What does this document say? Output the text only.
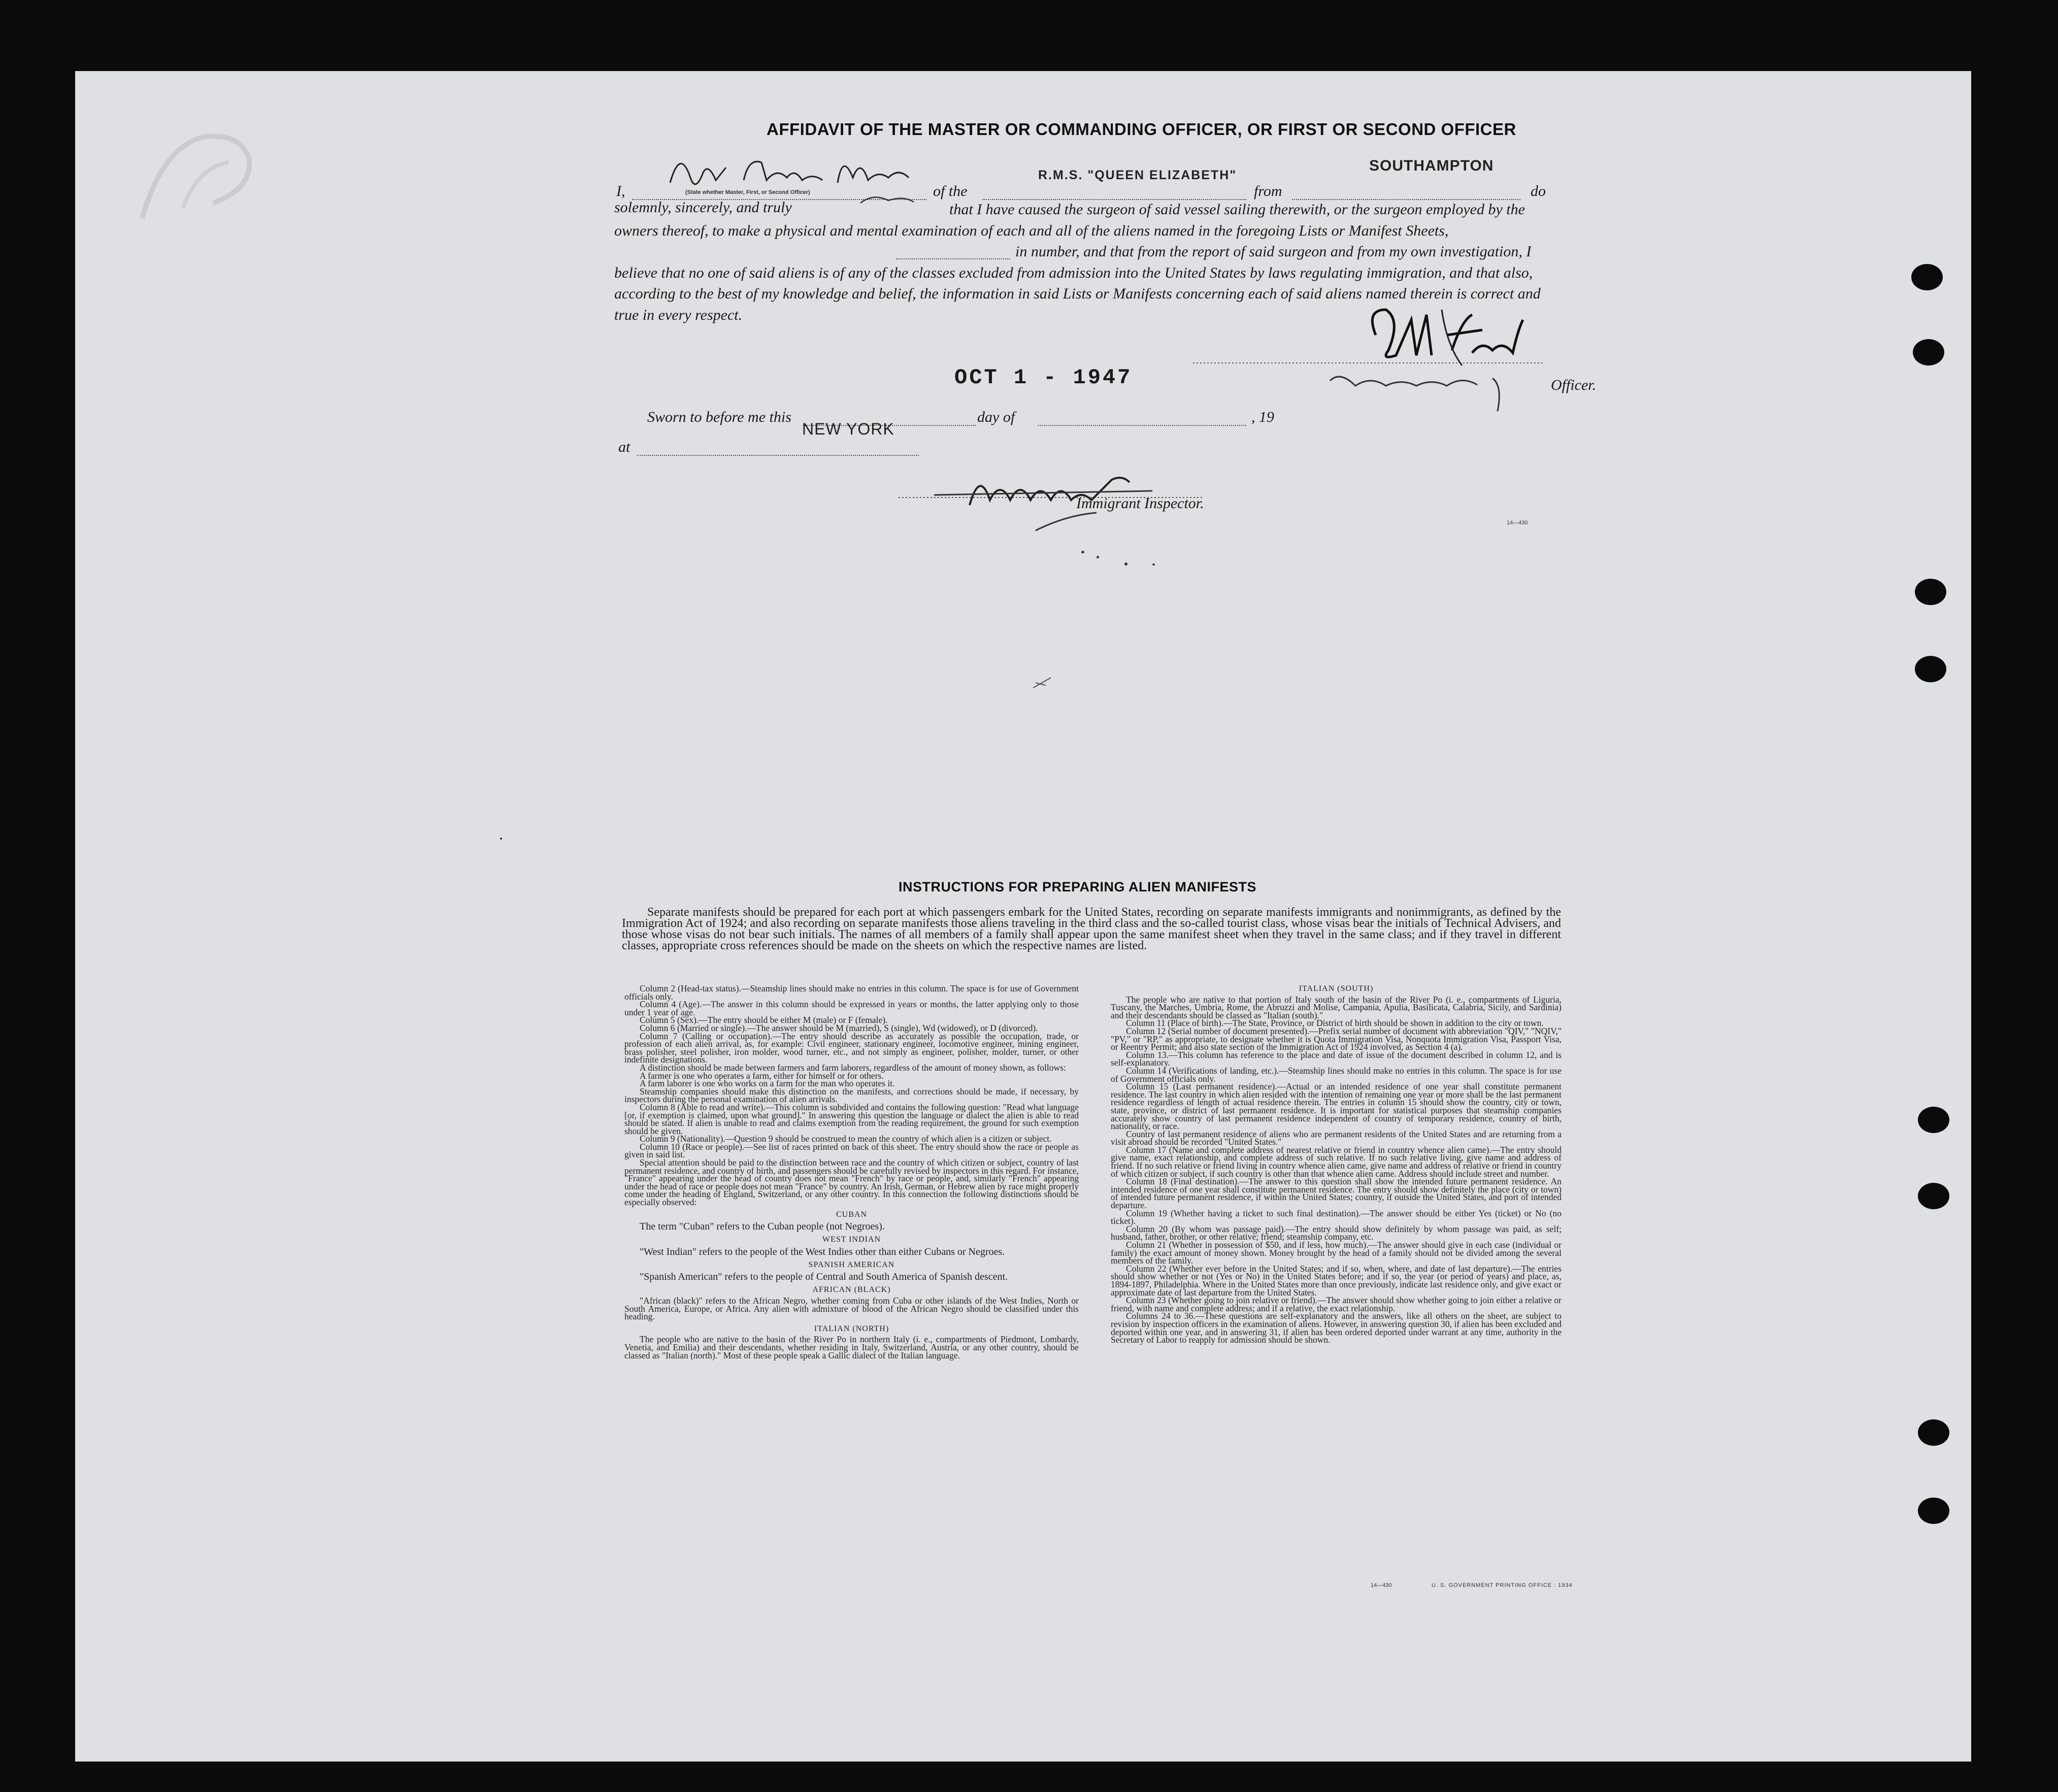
AFFIDAVIT OF THE MASTER OR COMMANDING OFFICER, OR FIRST OR SECOND OFFICER
I,	of the
R.M.S. "QUEEN ELIZABETH"
from
SOUTHAMPTON
do
(State whether Master, First, or Second Officer)
solemnly, sincerely, and truly	that I have caused the surgeon of said vessel sailing therewith, or the surgeon employed by the owners thereof, to make a physical and mental examination of each and all of the aliens named in the foregoing Lists or Manifest Sheets,
in number, and that from the report of said surgeon and from my own investigation, I believe that no one of said aliens is of any of the classes excluded from admission into the United States by laws regulating immigration, and that also, according to the best of my knowledge and belief, the information in said Lists or Manifests concerning each of said aliens named therein is correct and true in every respect.
OCT 1 - 1947	Officer.
Sworn to before me this	day of	, 19
at
NEW YORK
Immigrant Inspector.
14—430
INSTRUCTIONS FOR PREPARING ALIEN MANIFESTS
Separate manifests should be prepared for each port at which passengers embark for the United States, recording on separate manifests immigrants and nonimmigrants, as defined by the Immigration Act of 1924; and also recording on separate manifests those aliens traveling in the third class and the so-called tourist class, whose visas bear the initials of Technical Advisers, and those whose visas do not bear such initials. The names of all members of a family shall appear upon the same manifest sheet when they travel in the same class; and if they travel in different classes, appropriate cross references should be made on the sheets on which the respective names are listed.

Column 2 (Head-tax status).—Steamship lines should make no entries in this column. The space is for use of Government officials only.

Column 4 (Age).—The answer in this column should be expressed in years or months, the latter applying only to those under 1 year of age.

Column 5 (Sex).—The entry should be either M (male) or F (female).

Column 6 (Married or single).—The answer should be M (married), S (single), Wd (widowed), or D (divorced).

Column 7 (Calling or occupation).—The entry should describe as accurately as possible the occupation, trade, or profession of each alien arrival, as, for example: Civil engineer, stationary engineer, locomotive engineer, mining engineer, brass polisher, steel polisher, iron molder, wood turner, etc., and not simply as engineer, polisher, molder, turner, or other indefinite designations.

A distinction should be made between farmers and farm laborers, regardless of the amount of money shown, as follows:

A farmer is one who operates a farm, either for himself or for others.

A farm laborer is one who works on a farm for the man who operates it.

Steamship companies should make this distinction on the manifests, and corrections should be made, if necessary, by inspectors during the personal examination of alien arrivals.

Column 8 (Able to read and write).—This column is subdivided and contains the following question: "Read what language [or, if exemption is claimed, upon what ground]." In answering this question the language or dialect the alien is able to read should be stated. If alien is unable to read and claims exemption from the reading requirement, the ground for such exemption should be given.

Column 9 (Nationality).—Question 9 should be construed to mean the country of which alien is a citizen or subject.

Column 10 (Race or people).—See list of races printed on back of this sheet. The entry should show the race or people as given in said list.

Special attention should be paid to the distinction between race and the country of which citizen or subject, country of last permanent residence, and country of birth, and passengers should be carefully revised by inspectors in this regard. For instance, "France" appearing under the head of country does not mean "French" by race or people, and, similarly "French" appearing under the head of race or people does not mean "France" by country. An Irish, German, or Hebrew alien by race might properly come under the heading of England, Switzerland, or any other country. In this connection the following distinctions should be especially observed:

CUBAN

The term "Cuban" refers to the Cuban people (not Negroes).

WEST INDIAN

"West Indian" refers to the people of the West Indies other than either Cubans or Negroes.

SPANISH AMERICAN

"Spanish American" refers to the people of Central and South America of Spanish descent.

AFRICAN (BLACK)

"African (black)" refers to the African Negro, whether coming from Cuba or other islands of the West Indies, North or South America, Europe, or Africa. Any alien with admixture of blood of the African Negro should be classified under this heading.

ITALIAN (NORTH)

The people who are native to the basin of the River Po in northern Italy (i. e., compartments of Piedmont, Lombardy, Venetia, and Emilia) and their descendants, whether residing in Italy, Switzerland, Austria, or any other country, should be classed as "Italian (north)." Most of these people speak a Gallic dialect of the Italian language.

ITALIAN (SOUTH)

The people who are native to that portion of Italy south of the basin of the River Po (i. e., compartments of Liguria, Tuscany, the Marches, Umbria, Rome, the Abruzzi and Molise, Campania, Apulia, Basilicata, Calabria, Sicily, and Sardinia) and their descendants should be classed as "Italian (south)."

Column 11 (Place of birth).—The State, Province, or District of birth should be shown in addition to the city or town.

Column 12 (Serial number of document presented).—Prefix serial number of document with abbreviation "QIV," "NQIV," "PV," or "RP," as appropriate, to designate whether it is Quota Immigration Visa, Nonquota Immigration Visa, Passport Visa, or Reentry Permit; and also state section of the Immigration Act of 1924 involved, as Section 4 (a).

Column 13.—This column has reference to the place and date of issue of the document described in column 12, and is self-explanatory.

Column 14 (Verifications of landing, etc.).—Steamship lines should make no entries in this column. The space is for use of Government officials only.

Column 15 (Last permanent residence).—Actual or an intended residence of one year shall constitute permanent residence. The last country in which alien resided with the intention of remaining one year or more shall be the last permanent residence regardless of length of actual residence therein. The entries in column 15 should show the country, city or town, state, province, or district of last permanent residence. It is important for statistical purposes that steamship companies accurately show country of last permanent residence independent of country of temporary residence, country of birth, nationality, or race.

Country of last permanent residence of aliens who are permanent residents of the United States and are returning from a visit abroad should be recorded "United States."

Column 17 (Name and complete address of nearest relative or friend in country whence alien came).—The entry should give name, exact relationship, and complete address of such relative. If no such relative living, give name and address of friend. If no such relative or friend living in country whence alien came, give name and address of relative or friend in country of which citizen or subject, if such country is other than that whence alien came. Address should include street and number.

Column 18 (Final destination).—The answer to this question shall show the intended future permanent residence. An intended residence of one year shall constitute permanent residence. The entry should show definitely the place (city or town) of intended future permanent residence, if within the United States; country, if outside the United States, and port of intended departure.

Column 19 (Whether having a ticket to such final destination).—The answer should be either Yes (ticket) or No (no ticket).

Column 20 (By whom was passage paid).—The entry should show definitely by whom passage was paid, as self; husband, father, brother, or other relative; friend; steamship company, etc.

Column 21 (Whether in possession of $50, and if less, how much).—The answer should give in each case (individual or family) the exact amount of money shown. Money brought by the head of a family should not be divided among the several members of the family.

Column 22 (Whether ever before in the United States; and if so, when, where, and date of last departure).—The entries should show whether or not (Yes or No) in the United States before; and if so, the year (or period of years) and place, as, 1894-1897, Philadelphia. Where in the United States more than once previously, indicate last residence only, and give exact or approximate date of last departure from the United States.

Column 23 (Whether going to join relative or friend).—The answer should show whether going to join either a relative or friend, with name and complete address; and if a relative, the exact relationship.

Columns 24 to 36.—These questions are self-explanatory and the answers, like all others on the sheet, are subject to revision by inspection officers in the examination of aliens. However, in answering question 30, if alien has been excluded and deported within one year, and in answering 31, if alien has been ordered deported under warrant at any time, authority in the Secretary of Labor to reapply for admission should be shown.

14—430	U. S. GOVERNMENT PRINTING OFFICE : 1934
